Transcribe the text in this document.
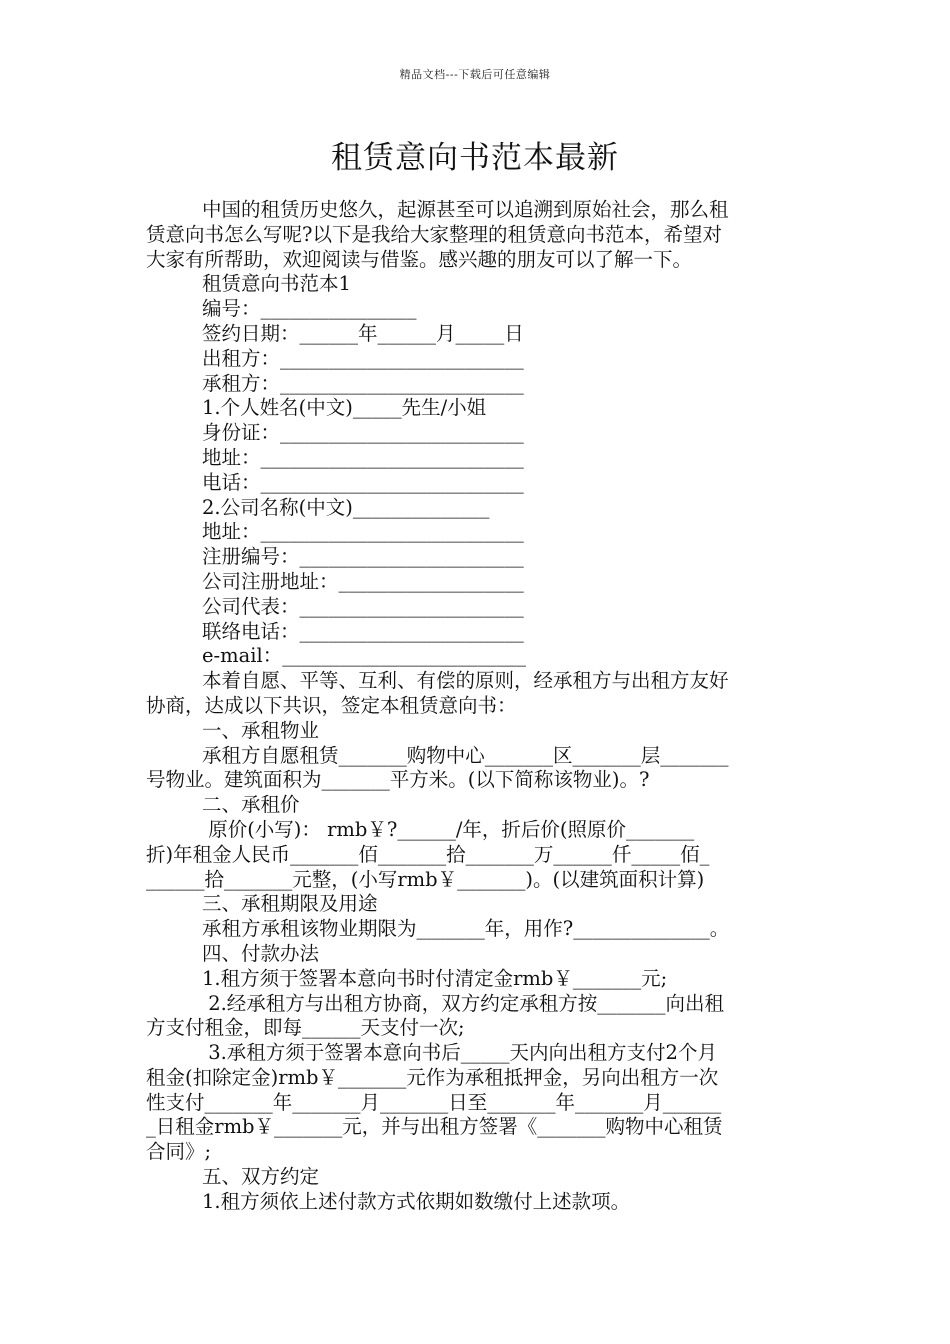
精品文档---下载后可任意编辑
租赁意向书范本最新
中国的租赁历史悠久，起源甚至可以追溯到原始社会，那么租
赁意向书怎么写呢?以下是我给大家整理的租赁意向书范本，希望对
大家有所帮助，欢迎阅读与借鉴。感兴趣的朋友可以了解一下。
租赁意向书范本1
编号：________________
签约日期：______年______月_____日
出租方：_________________________
承租方：_________________________
1.个人姓名(中文)_____先生/小姐
身份证：_________________________
地址：___________________________
电话：___________________________
2.公司名称(中文)______________
地址：___________________________
注册编号：_______________________
公司注册地址：___________________
公司代表：_______________________
联络电话：_______________________
e-mail：_________________________
本着自愿、平等、互利、有偿的原则，经承租方与出租方友好
协商，达成以下共识，签定本租赁意向书：
一、承租物业
承租方自愿租赁_______购物中心_______区_______层_______
号物业。建筑面积为_______平方米。(以下简称该物业)。?
二、承租价
原价(小写)： rmb￥?______/年，折后价(照原价_______
折)年租金人民币_______佰_______拾_______万______仟_____佰_
______拾_______元整，(小写rmb￥_______)。(以建筑面积计算)
三、承租期限及用途
承租方承租该物业期限为_______年，用作?______________。
四、付款办法
1.租方须于签署本意向书时付清定金rmb￥_______元;
2.经承租方与出租方协商，双方约定承租方按_______向出租
方支付租金，即每______天支付一次;
3.承租方须于签署本意向书后_____天内向出租方支付2个月
租金(扣除定金)rmb￥_______元作为承租抵押金，另向出租方一次
性支付_______年_______月_______日至_______年_______月______
_日租金rmb￥_______元，并与出租方签署《_______购物中心租赁
合同》;
五、双方约定
1.租方须依上述付款方式依期如数缴付上述款项。
